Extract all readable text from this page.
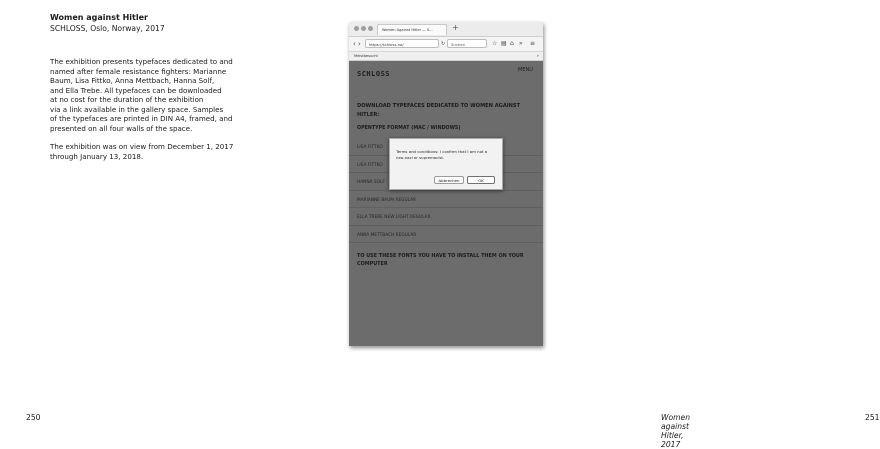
Women against Hitler
SCHLOSS, Oslo, Norway, 2017
The exhibition presents typefaces dedicated to and
named after female resistance fighters: Marianne
Baum, Lisa Fittko, Anna Mettbach, Hanna Solf,
and Ella Trebe. All typefaces can be downloaded
at no cost for the duration of the exhibition
via a link available in the gallery space. Samples
of the typefaces are printed in DIN A4, framed, and
presented on all four walls of the space.
The exhibition was on view from December 1, 2017
through January 13, 2018.
250	Women against Hitler, 2017
251
Women Against Hitler — S...	+
‹ ›	https://schloss.no/	↻	Suchen	☆ ▤ ⌂ » ≡
Meistbesucht	»
SCHLOSS	MENU
DOWNLOAD TYPEFACES DEDICATED TO WOMEN AGAINST HITLER:
OPENTYPE FORMAT (MAC / WINDOWS)
LISA FITTKO
LISA FITTKO
HANNA SOLF
MARIANNE BAUM REGULAR
ELLA TREBE NEW LIGHT REGULAR
ANNA METTBACH REGULAR
TO USE THESE FONTS YOU HAVE TO INSTALL THEM ON YOUR COMPUTER
Terms and conditions: I confirm that I am not a neo-nazi or supremacist.
Abbrechen	OK
